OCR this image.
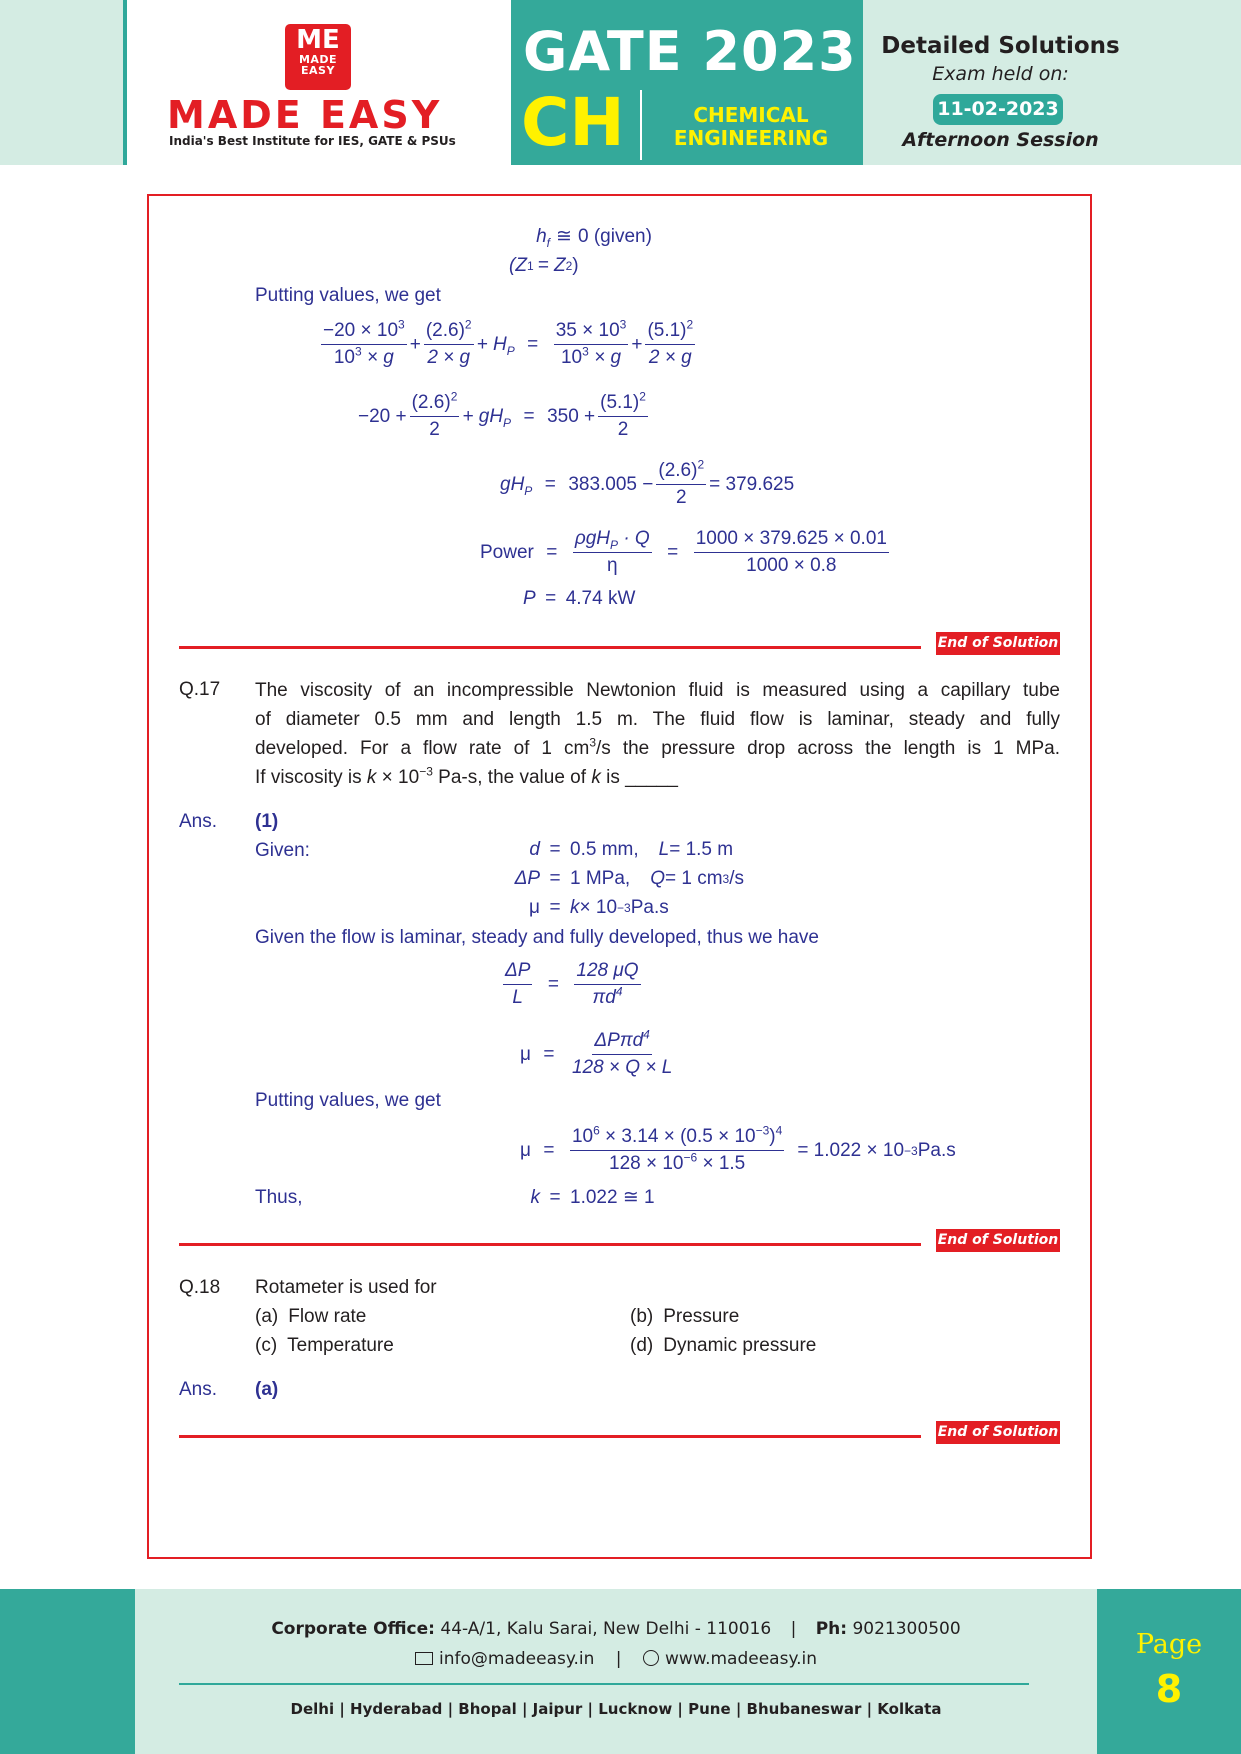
ME
MADE EASY
MADE EASY
India's Best Institute for IES, GATE & PSUs
GATE 2023
CH	CHEMICAL
ENGINEERING
Detailed Solutions
Exam held on:
11-02-2023
Afternoon Session
$h_f$ ≅ 0 (given)
(Z 1 = Z 2 )
Putting values, we get
$\frac{-20 \times 10^3}{10^3 \times g} + \frac{(2.6)^2}{2 \times g} + H_P = \frac{35 \times 10^3}{10^3 \times g} + \frac{(5.1)^2}{2 \times g}$
$-20 + \frac{(2.6)^2}{2} + gH_P = 350 + \frac{(5.1)^2}{2}$
$gH_P = 383.005 - \frac{(2.6)^2}{2} = 379.625$
Power = $\frac{\rho gH_P \cdot Q}{\eta} = \frac{1000 \times 379.625 \times 0.01}{1000 \times 0.8}$
P = 4.74 kW
End of Solution
Q.17 The viscosity of an incompressible Newtonion fluid is measured using a capillary tube
of diameter 0.5 mm and length 1.5 m. The fluid flow is laminar, steady and fully
developed. For a flow rate of 1 $cm^3/s$ the pressure drop across the length is 1 MPa.
If viscosity is $k \times 10^{-3}$ Pa-s, the value of k is _____
Ans. (1)
Given:	d = 0.5 mm, L = 1.5 m
ΔP = 1 MPa, Q = 1 cm 3 /s
μ = k × 10 −3 Pa.s
Given the flow is laminar, steady and fully developed, thus we have
$\frac{\Delta P}{L} = \frac{128 \mu Q}{\pi d^4}$
$\mu = \frac{\Delta P\pi d^4}{128 \times Q \times L}$
Putting values, we get
$\mu = \frac{10^6 \times 3.14 \times (0.5 \times 10^{-3})^4}{128 \times 10^{-6} \times 1.5} = 1.022 \times 10 -3$ Pa.s
Thus,	k = 1.022 ≅ 1
End of Solution
Q.18 Rotameter is used for
(a) Flow rate	(b) Pressure
(c) Temperature	(d) Dynamic pressure
Ans. (a)
End of Solution
Corporate Office: 44-A/1, Kalu Sarai, New Delhi - 110016 | Ph: 9021300500
info@madeeasy.in |	www.madeeasy.in
Delhi | Hyderabad | Bhopal | Jaipur | Lucknow | Pune | Bhubaneswar | Kolkata
Page
8
